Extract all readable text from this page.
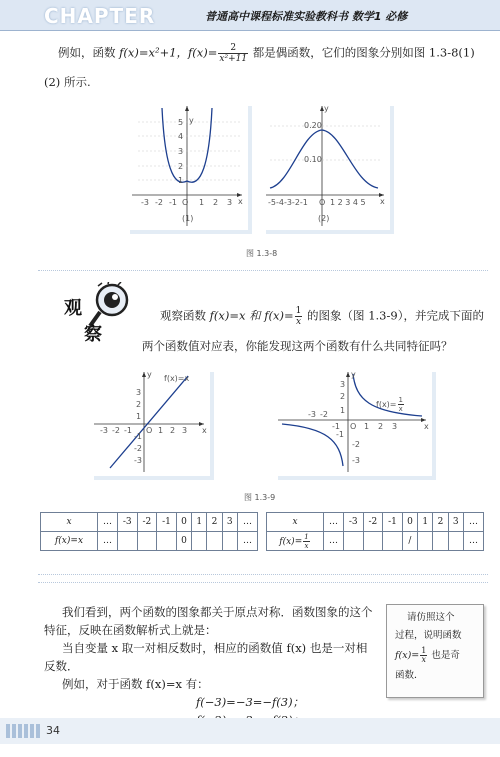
CHAPTER	普通高中课程标准实验教科书 数学1 必修
例如，函数 f(x)=x²+1，$f(x)= \frac{2}{\text{x²+11}}$ 都是偶函数，它们的图象分别如图 1.3-8(1)
(2) 所示.
y
x
5
4
3
2
1
-3 -2 -1 O 1 2 3
(1)
y
x
0.20
0.10
-5-4-3-2-1 O 1 2 3 4 5
(2)
图 1.3-8
观
察
观察函数 f(x)=x 和 $f(x)= \frac{1}{x}$ 的图象（图 1.3-9），并完成下面的
两个函数值对应表，你能发现这两个函数有什么共同特征吗？
y
x
f(x)=x
3
2
1
-1
-2
-3
-3 -2 -1 O 1 2 3
y
x
$f(x)= \frac{1}{x}$
3
2
1
-1
-2
-3
-3 -2
-1 O 1 2 3
图 1.3-9
x	…	-3	-2	-1	0	1	2	3	…
f(x)=x	…				0				…
x	…	-3	-2	-1	0	1	2	3	…
$f(x)= \frac{1}{x}$	…				/				…
我们看到，两个函数的图象都关于原点对称．函数图象的这个
特征，反映在函数解析式上就是：
当自变量 x 取一对相反数时，相应的函数值 f(x) 也是一对相
反数．
例如，对于函数 f(x)=x 有：
f(−3)=−3=−f(3)；
请仿照这个
过程，说明函数
$f(x)= \frac{1}{x}$ 也是奇
函数．
34
